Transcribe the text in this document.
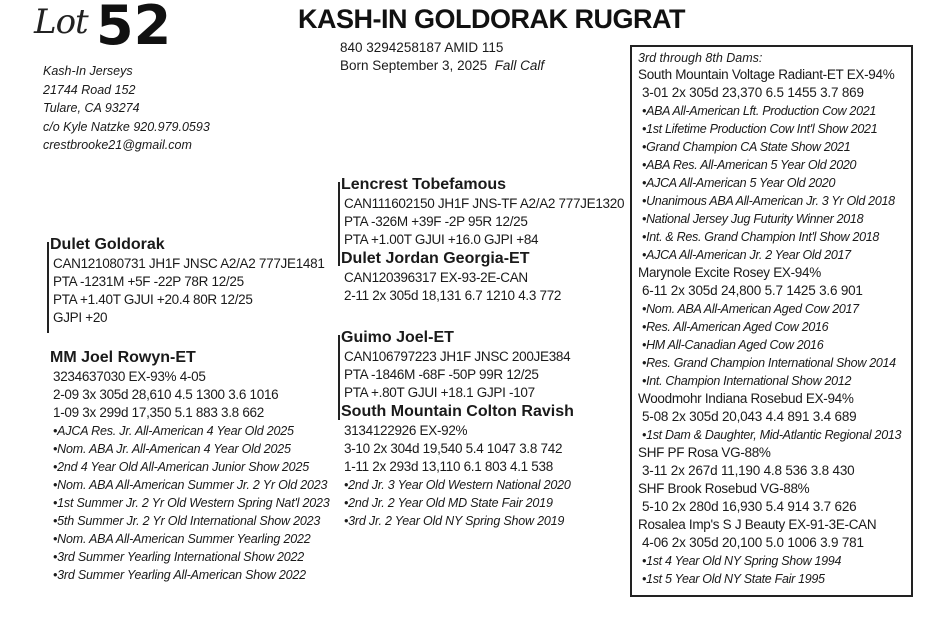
Lot 52	KASH-IN GOLDORAK RUGRAT
840 3294258187 AMID 115
Born September 3, 2025 Fall Calf
Kash-In Jerseys
21744 Road 152
Tulare, CA 93274
c/o Kyle Natzke 920.979.0593
crestbrooke21@gmail.com
Dulet Goldorak
CAN121080731 JH1F JNSC A2/A2 777JE1481
PTA -1231M +5F -22P 78R 12/25
PTA +1.40T GJUI +20.4 80R 12/25
GJPI +20
Lencrest Tobefamous
CAN111602150 JH1F JNS-TF A2/A2 777JE1320
PTA -326M +39F -2P 95R 12/25
PTA +1.00T GJUI +16.0 GJPI +84
Dulet Jordan Georgia-ET
CAN120396317 EX-93-2E-CAN
2-11 2x 305d 18,131 6.7 1210 4.3 772
MM Joel Rowyn-ET
3234637030 EX-93% 4-05
2-09 3x 305d 28,610 4.5 1300 3.6 1016
1-09 3x 299d 17,350 5.1 883 3.8 662
•AJCA Res. Jr. All-American 4 Year Old 2025
•Nom. ABA Jr. All-American 4 Year Old 2025
•2nd 4 Year Old All-American Junior Show 2025
•Nom. ABA All-American Summer Jr. 2 Yr Old 2023
•1st Summer Jr. 2 Yr Old Western Spring Nat'l 2023
•5th Summer Jr. 2 Yr Old International Show 2023
•Nom. ABA All-American Summer Yearling 2022
•3rd Summer Yearling International Show 2022
•3rd Summer Yearling All-American Show 2022
Guimo Joel-ET
CAN106797223 JH1F JNSC 200JE384
PTA -1846M -68F -50P 99R 12/25
PTA +.80T GJUI +18.1 GJPI -107
South Mountain Colton Ravish
3134122926 EX-92%
3-10 2x 304d 19,540 5.4 1047 3.8 742
1-11 2x 293d 13,110 6.1 803 4.1 538
•2nd Jr. 3 Year Old Western National 2020
•2nd Jr. 2 Year Old MD State Fair 2019
•3rd Jr. 2 Year Old NY Spring Show 2019
3rd through 8th Dams:
South Mountain Voltage Radiant-ET EX-94%
3-01 2x 305d 23,370 6.5 1455 3.7 869
•ABA All-American Lft. Production Cow 2021
•1st Lifetime Production Cow Int'l Show 2021
•Grand Champion CA State Show 2021
•ABA Res. All-American 5 Year Old 2020
•AJCA All-American 5 Year Old 2020
•Unanimous ABA All-American Jr. 3 Yr Old 2018
•National Jersey Jug Futurity Winner 2018
•Int. & Res. Grand Champion Int'l Show 2018
•AJCA All-American Jr. 2 Year Old 2017
Marynole Excite Rosey EX-94%
6-11 2x 305d 24,800 5.7 1425 3.6 901
•Nom. ABA All-American Aged Cow 2017
•Res. All-American Aged Cow 2016
•HM All-Canadian Aged Cow 2016
•Res. Grand Champion International Show 2014
•Int. Champion International Show 2012
Woodmohr Indiana Rosebud EX-94%
5-08 2x 305d 20,043 4.4 891 3.4 689
•1st Dam & Daughter, Mid-Atlantic Regional 2013
SHF PF Rosa VG-88%
3-11 2x 267d 11,190 4.8 536 3.8 430
SHF Brook Rosebud VG-88%
5-10 2x 280d 16,930 5.4 914 3.7 626
Rosalea Imp's S J Beauty EX-91-3E-CAN
4-06 2x 305d 20,100 5.0 1006 3.9 781
•1st 4 Year Old NY Spring Show 1994
•1st 5 Year Old NY State Fair 1995
